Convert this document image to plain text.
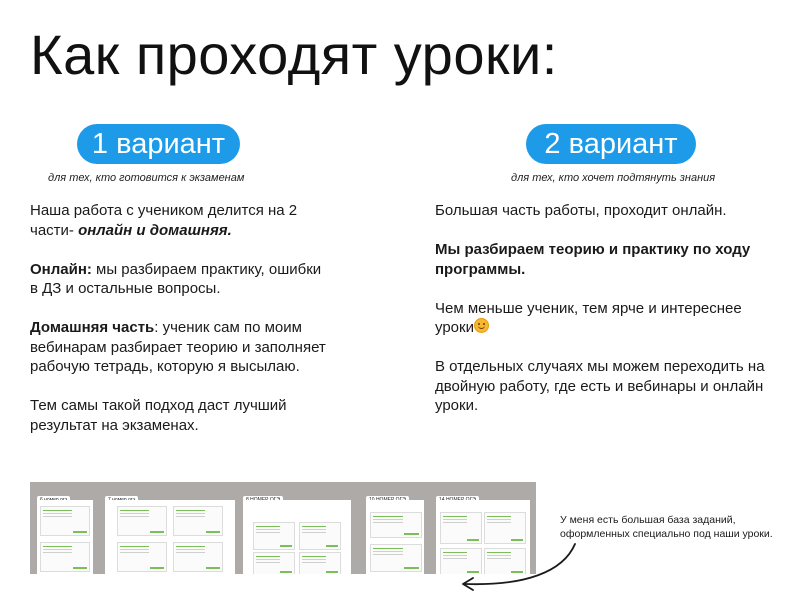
Как проходят уроки:
1 вариант
для тех, кто готовится к экзаменам

Наша работа с учеником делится на 2 части- онлайн и домашняя.

Онлайн: мы разбираем практику, ошибки в ДЗ и остальные вопросы.

Домашняя часть: ученик сам по моим вебинарам разбирает теорию и заполняет рабочую тетрадь, которую я высылаю.

Тем самы такой подход даст лучший результат на экзаменах.

2 вариант
для тех, кто хочет подтянуть знания

Большая часть работы, проходит онлайн.

Мы разбираем теорию и практику по ходу программы.

Чем меньше ученик, тем ярче и интереснее уроки

В отдельных случаях мы можем переходить на двойную работу, где есть и вебинары и онлайн уроки.

У меня есть большая база заданий,
оформленных специально под наши уроки.
